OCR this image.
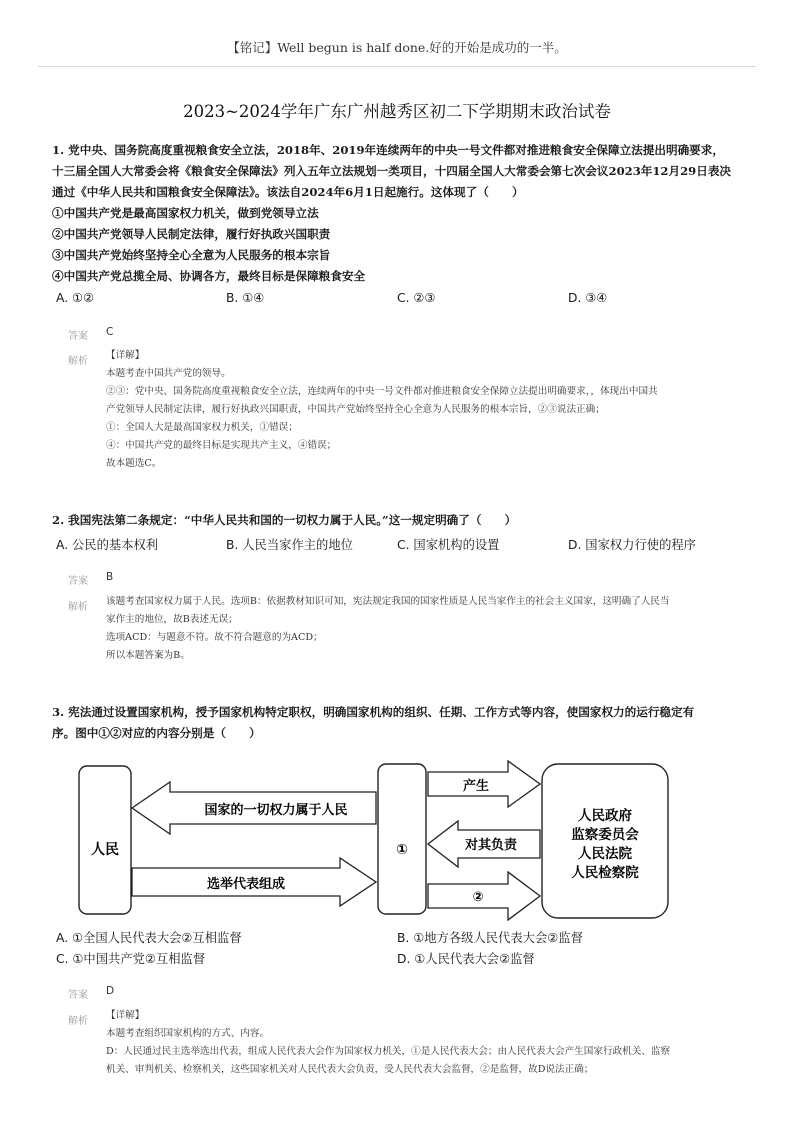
【铭记】Well begun is half done.好的开始是成功的一半。
2023~2024学年广东广州越秀区初二下学期期末政治试卷
1. 党中央、国务院高度重视粮食安全立法，2018年、2019年连续两年的中央一号文件都对推进粮食安全保障立法提出明确要求，
十三届全国人大常委会将《粮食安全保障法》列入五年立法规划一类项目，十四届全国人大常委会第七次会议2023年12月29日表决
通过《中华人民共和国粮食安全保障法》。该法自2024年6月1日起施行。这体现了（　　）
①中国共产党是最高国家权力机关，做到党领导立法
②中国共产党领导人民制定法律，履行好执政兴国职责
③中国共产党始终坚持全心全意为人民服务的根本宗旨
④中国共产党总揽全局、协调各方，最终目标是保障粮食安全
A. ①②	B. ①④	C. ②③	D. ③④
答案 C
解析
【详解】
本题考查中国共产党的领导。
②③：党中央、国务院高度重视粮食安全立法，连续两年的中央一号文件都对推进粮食安全保障立法提出明确要求，，体现出中国共
产党领导人民制定法律，履行好执政兴国职责，中国共产党始终坚持全心全意为人民服务的根本宗旨，②③说法正确；
①：全国人大是最高国家权力机关，①错误；
④：中国共产党的最终目标是实现共产主义，④错误；
故本题选C。
2. 我国宪法第二条规定：“中华人民共和国的一切权力属于人民。”这一规定明确了（　　）
A. 公民的基本权利	B. 人民当家作主的地位	C. 国家机构的设置	D. 国家权力行使的程序
答案 B
解析
该题考查国家权力属于人民。选项B：依据教材知识可知，宪法规定我国的国家性质是人民当家作主的社会主义国家，这明确了人民当
家作主的地位，故B表述无误；
选项ACD：与题意不符。故不符合题意的为ACD；
所以本题答案为B。
3. 宪法通过设置国家机构，授予国家机构特定职权，明确国家机构的组织、任期、工作方式等内容，使国家权力的运行稳定有
序。图中①②对应的内容分别是（　　）
人民
国家的一切权力属于人民
选举代表组成
①
产生
对其负责
②
人民政府
监察委员会
人民法院
人民检察院
A. ①全国人民代表大会②互相监督	B. ①地方各级人民代表大会②监督
C. ①中国共产党②互相监督	D. ①人民代表大会②监督
答案 D
解析
【详解】
本题考查组织国家机构的方式、内容。
D：人民通过民主选举选出代表，组成人民代表大会作为国家权力机关，①是人民代表大会；由人民代表大会产生国家行政机关、监察
机关、审判机关、检察机关，这些国家机关对人民代表大会负责，受人民代表大会监督，②是监督，故D说法正确；
